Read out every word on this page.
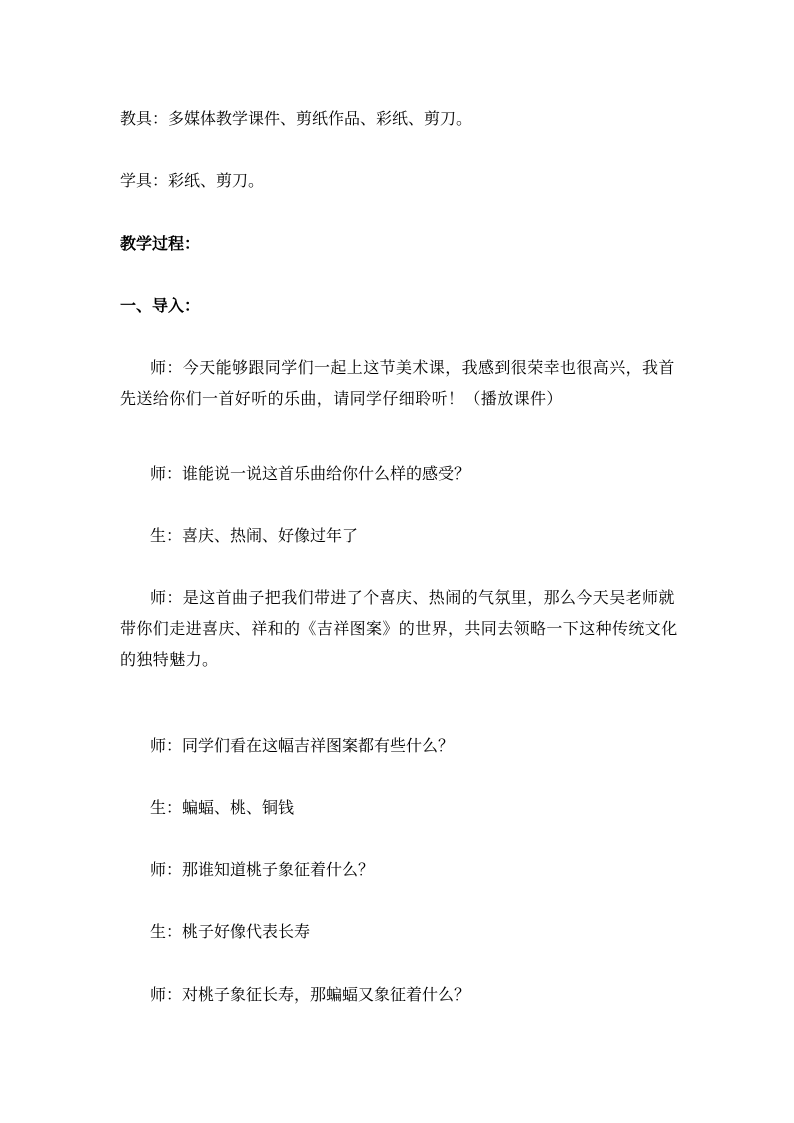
教具：多媒体教学课件、剪纸作品、彩纸、剪刀。

学具：彩纸、剪刀。

教学过程：

一、导入：

师：今天能够跟同学们一起上这节美术课，我感到很荣幸也很高兴，我首先送给你们一首好听的乐曲，请同学仔细聆听！（播放课件）

师：谁能说一说这首乐曲给你什么样的感受？

生：喜庆、热闹、好像过年了

师：是这首曲子把我们带进了个喜庆、热闹的气氛里，那么今天吴老师就带你们走进喜庆、祥和的《吉祥图案》的世界，共同去领略一下这种传统文化的独特魅力。

师：同学们看在这幅吉祥图案都有些什么？

生：蝙蝠、桃、铜钱

师：那谁知道桃子象征着什么？

生：桃子好像代表长寿

师：对桃子象征长寿，那蝙蝠又象征着什么？
